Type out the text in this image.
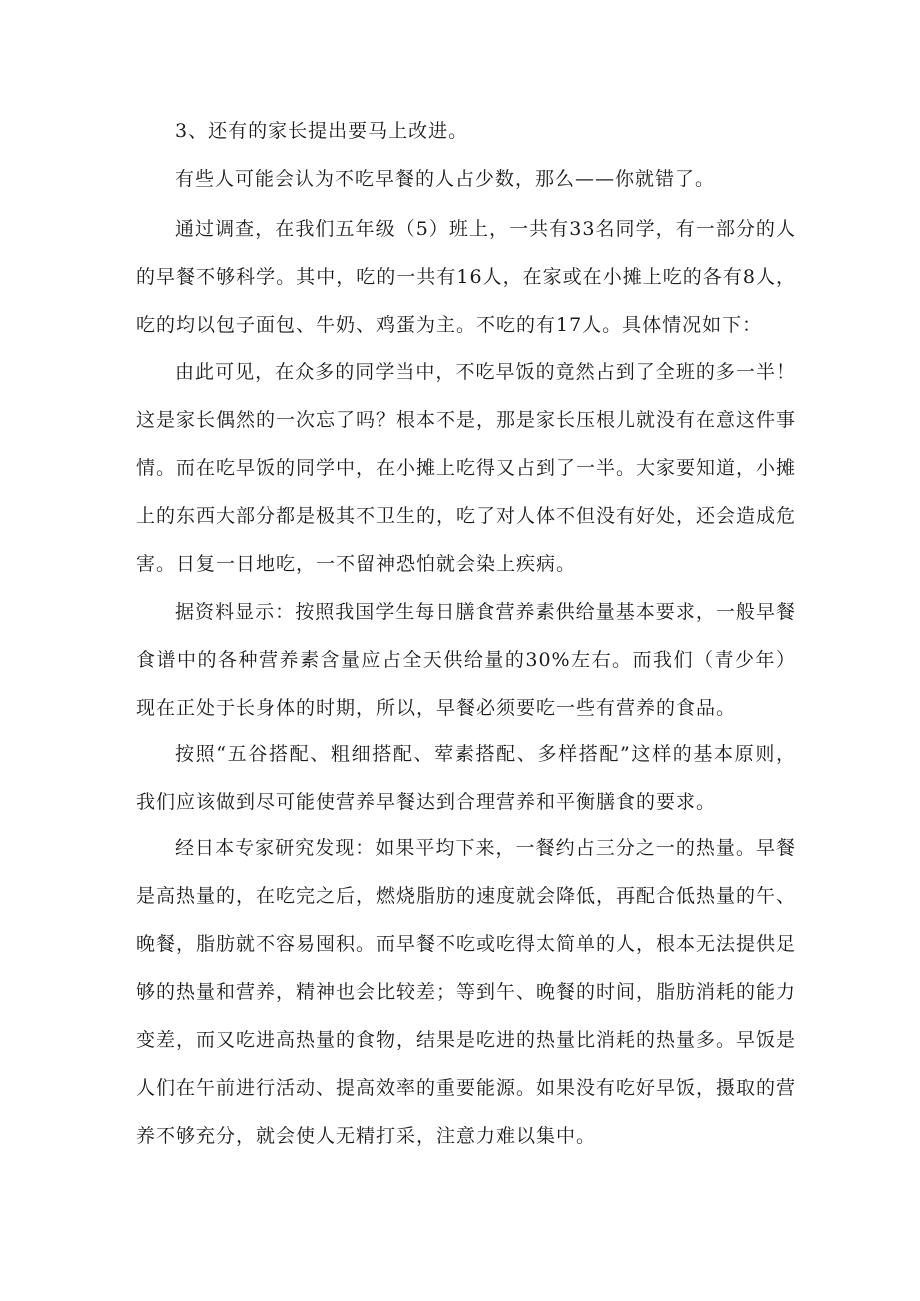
3、还有的家长提出要马上改进。

有些人可能会认为不吃早餐的人占少数，那么——你就错了。

通过调查，在我们五年级（5）班上，一共有33名同学，有一部分的人的早餐不够科学。其中，吃的一共有16人，在家或在小摊上吃的各有8人，吃的均以包子面包、牛奶、鸡蛋为主。不吃的有17人。具体情况如下：

由此可见，在众多的同学当中，不吃早饭的竟然占到了全班的多一半！这是家长偶然的一次忘了吗？根本不是，那是家长压根儿就没有在意这件事情。而在吃早饭的同学中，在小摊上吃得又占到了一半。大家要知道，小摊上的东西大部分都是极其不卫生的，吃了对人体不但没有好处，还会造成危害。日复一日地吃，一不留神恐怕就会染上疾病。

据资料显示：按照我国学生每日膳食营养素供给量基本要求，一般早餐食谱中的各种营养素含量应占全天供给量的30%左右。而我们（青少年）现在正处于长身体的时期，所以，早餐必须要吃一些有营养的食品。

按照“五谷搭配、粗细搭配、荤素搭配、多样搭配”这样的基本原则，我们应该做到尽可能使营养早餐达到合理营养和平衡膳食的要求。

经日本专家研究发现：如果平均下来，一餐约占三分之一的热量。早餐是高热量的，在吃完之后，燃烧脂肪的速度就会降低，再配合低热量的午、晚餐，脂肪就不容易囤积。而早餐不吃或吃得太简单的人，根本无法提供足够的热量和营养，精神也会比较差；等到午、晚餐的时间，脂肪消耗的能力变差，而又吃进高热量的食物，结果是吃进的热量比消耗的热量多。早饭是人们在午前进行活动、提高效率的重要能源。如果没有吃好早饭，摄取的营养不够充分，就会使人无精打采，注意力难以集中。
